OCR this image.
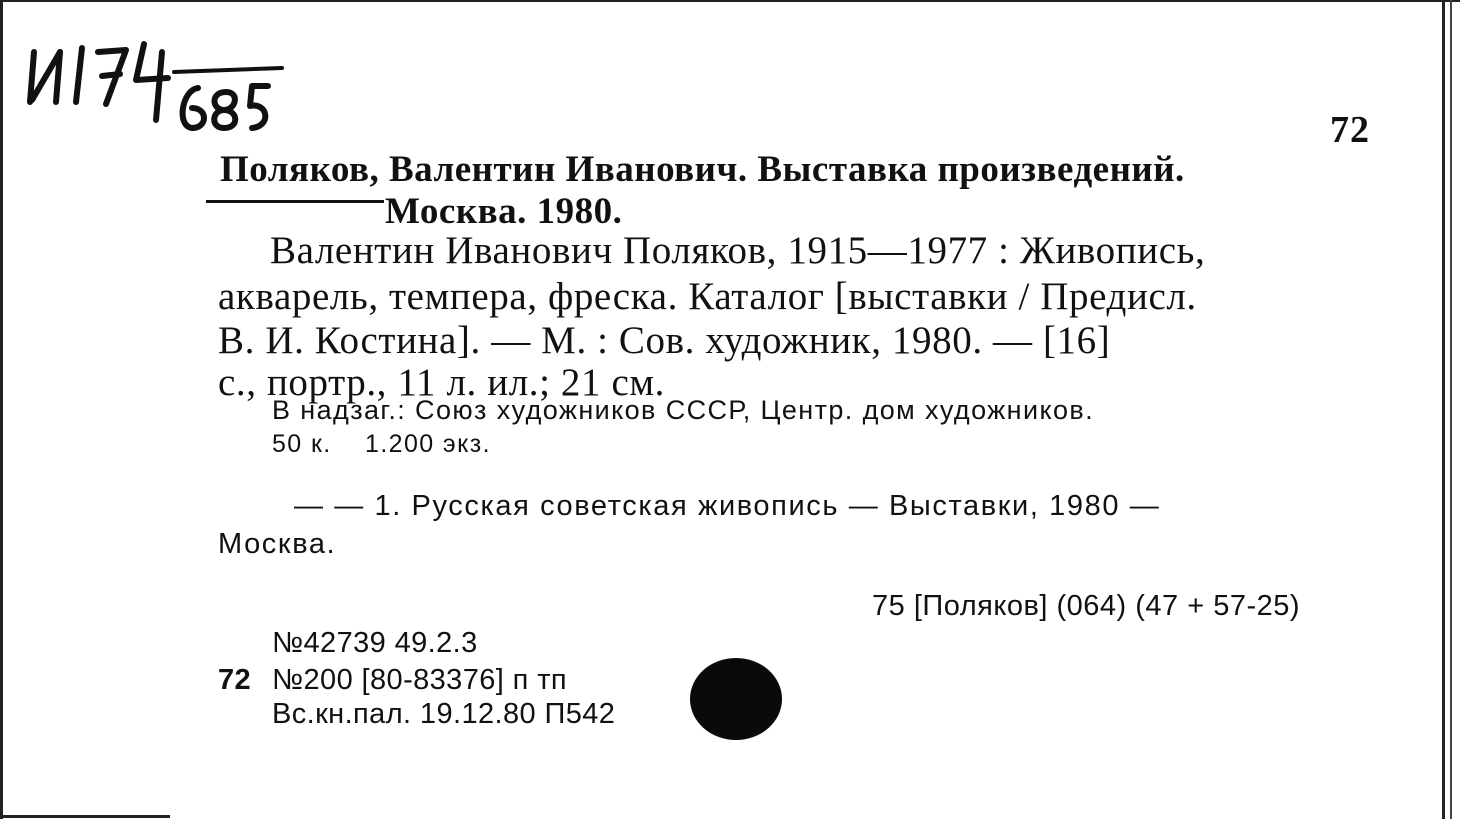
72
Поляков, Валентин Иванович. Выставка произведений.
Москва. 1980.
Валентин Иванович Поляков, 1915—1977 : Живопись,
акварель, темпера, фреска. Каталог [выставки / Предисл.
В. И. Костина]. — М. : Сов. художник, 1980. — [16]
с., портр., 11 л. ил.; 21 см.
В надзаг.: Союз художников СССР, Центр. дом художников.
50 к.    1.200 экз.
— — 1. Русская советская живопись — Выставки, 1980 —
Москва.
75 [Поляков] (064) (47 + 57-25)
№42739 49.2.3
72 №200 [80-83376] п тп
Вс.кн.пал. 19.12.80 П542
